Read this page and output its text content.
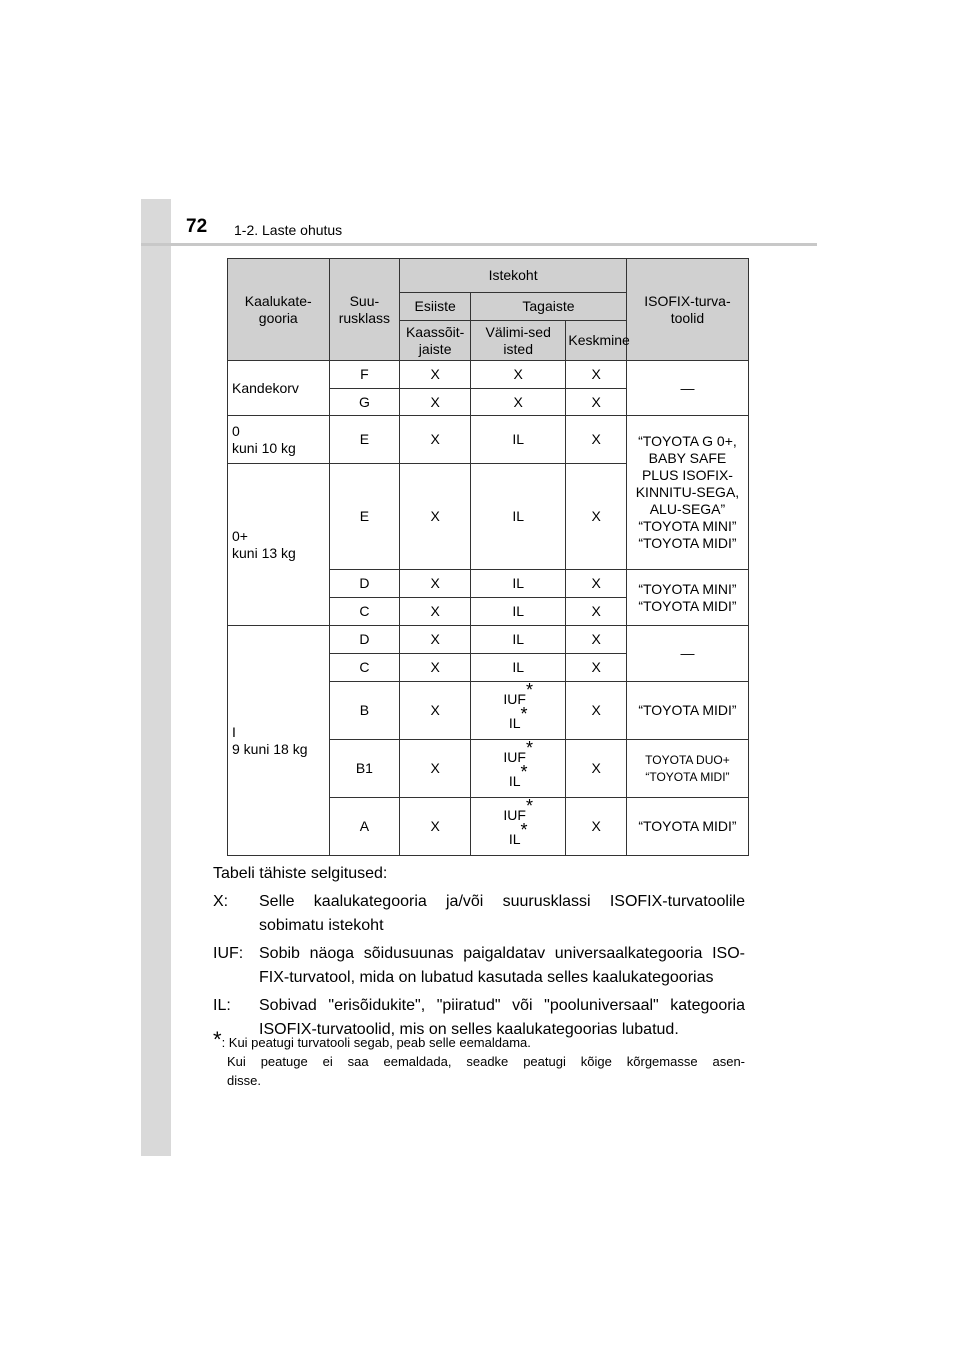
72 1-2. Laste ohutus
Kaalukate-gooria	Suu-rusklass	Istekoht			ISOFIX-turva-toolid
		Esiiste	Tagaiste		
		Kaassõit-jaiste	Välimi-sed isted	Keskmine	
Kandekorv	F	X	X	X	—
	G	X	X	X	
0
kuni 10 kg	E	X	IL	X	“TOYOTA G 0+, BABY SAFE PLUS ISOFIX-KINNITU-SEGA, ALU-SEGA”
“TOYOTA MINI”
“TOYOTA MIDI”
0+
kuni 13 kg	E	X	IL	X	
	D	X	IL	X	“TOYOTA MINI”
“TOYOTA MIDI”
	C	X	IL	X	
I
9 kuni 18 kg	D	X	IL	X	—
	C	X	IL	X	
	B	X	IUF*
IL*	X	“TOYOTA MIDI”
	B1	X	IUF*
IL*	X	TOYOTA DUO+
“TOYOTA MIDI”
	A	X	IUF*
IL*	X	“TOYOTA MIDI”
Tabeli tähiste selgitused:
X:	Selle kaalukategooria ja/või suurusklassi ISOFIX-turvatoolile
sobimatu istekoht
IUF: Sobib näoga sõidusuunas paigaldatav universaalkategooria ISO-
FIX-turvatool, mida on lubatud kasutada selles kaalukategoorias
IL:	Sobivad "erisõidukite", "piiratud" või "pooluniversaal" kategooria
ISOFIX-turvatoolid, mis on selles kaalukategoorias lubatud.
*: Kui peatugi turvatooli segab, peab selle eemaldama.
Kui peatuge ei saa eemaldada, seadke peatugi kõige kõrgemasse asen-
disse.
